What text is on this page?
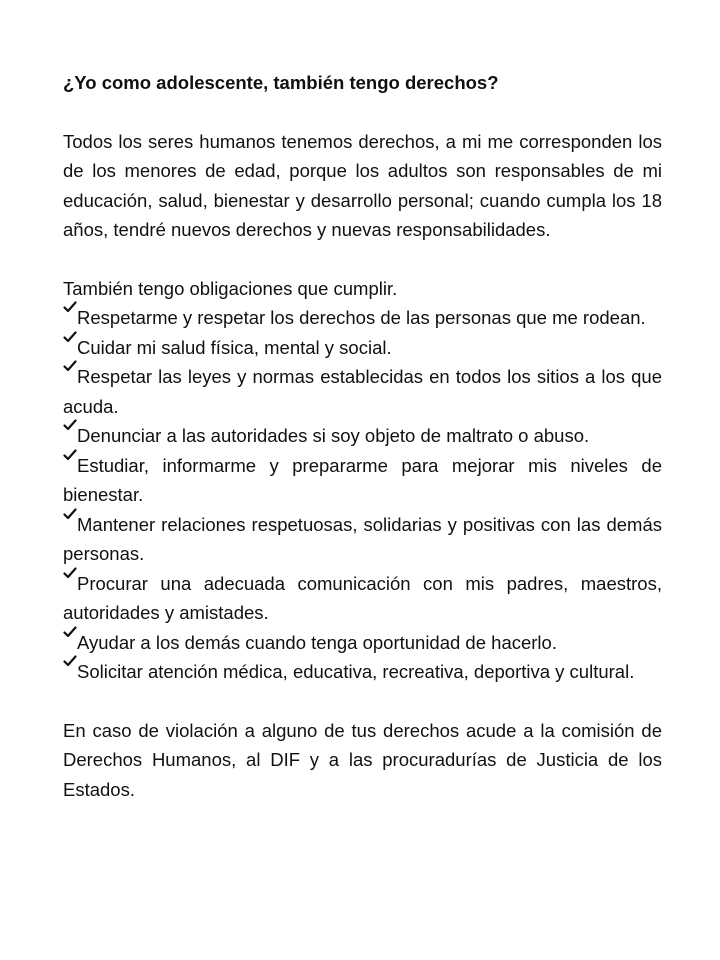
¿Yo como adolescente, también tengo derechos?

Todos los seres humanos tenemos derechos, a mi me corresponden los de los menores de edad, porque los adultos son responsables de mi educación, salud, bienestar y desarrollo personal; cuando cumpla los 18 años, tendré nuevos derechos y nuevas responsabilidades.

También tengo obligaciones que cumplir.

Respetarme y respetar los derechos de las personas que me rodean.
Cuidar mi salud física, mental y social.
Respetar las leyes y normas establecidas en todos los sitios a los que acuda.
Denunciar a las autoridades si soy objeto de maltrato o abuso.
Estudiar, informarme y prepararme para mejorar mis niveles de bienestar.
Mantener relaciones respetuosas, solidarias y positivas con las demás personas.
Procurar una adecuada comunicación con mis padres, maestros, autoridades y amistades.
Ayudar a los demás cuando tenga oportunidad de hacerlo.
Solicitar atención médica, educativa, recreativa, deportiva y cultural.

En caso de violación a alguno de tus derechos acude a la comisión de Derechos Humanos, al DIF y a las procuradurías de Justicia de los Estados.
